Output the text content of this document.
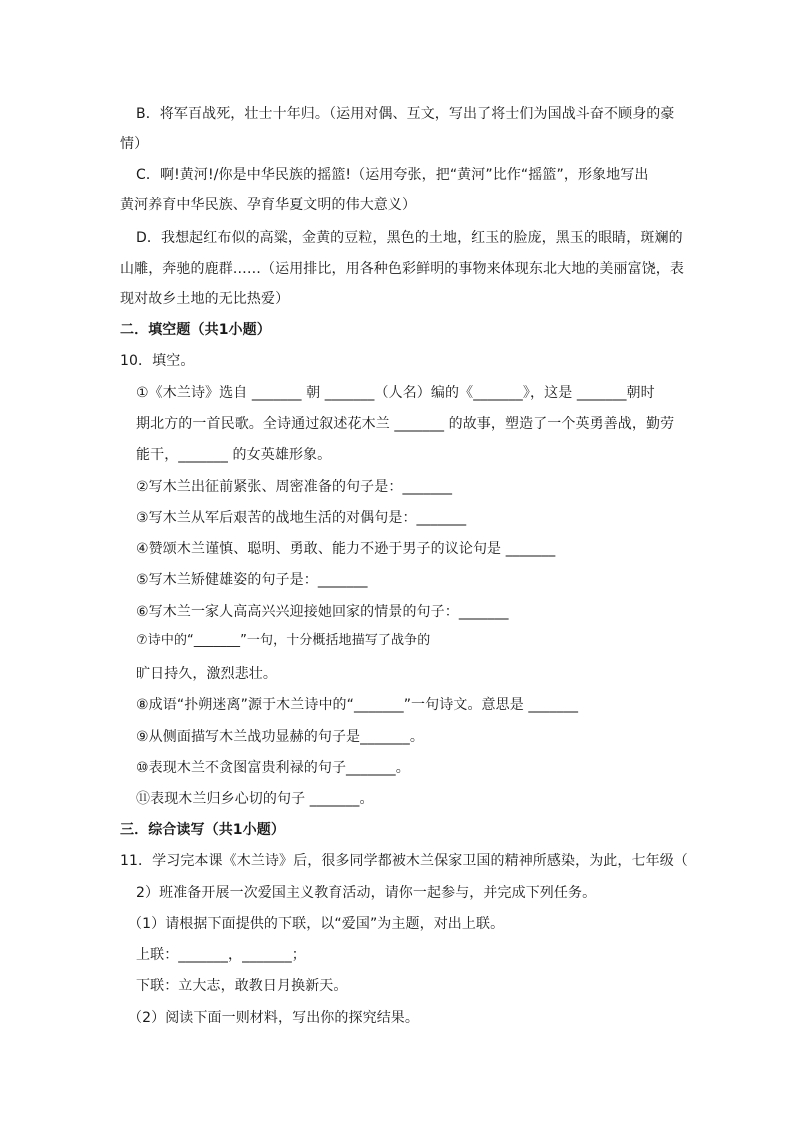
B．将军百战死，壮士十年归。（运用对偶、互文，写出了将士们为国战斗奋不顾身的豪
情）
C．啊!黄河!/你是中华民族的摇篮!（运用夸张，把“黄河”比作“摇篮”，形象地写出
黄河养育中华民族、孕育华夏文明的伟大意义）
D．我想起红布似的高粱，金黄的豆粒，黑色的土地，红玉的脸庞，黑玉的眼睛，斑斓的
山雕，奔驰的鹿群……（运用排比，用各种色彩鲜明的事物来体现东北大地的美丽富饶，表
现对故乡土地的无比热爱）
二．填空题（共1小题）
10．填空。
①《木兰诗》选自 _______ 朝 _______（人名）编的《_______》，这是 _______朝时
期北方的一首民歌。全诗通过叙述花木兰 _______ 的故事，塑造了一个英勇善战，勤劳
能干，_______ 的女英雄形象。
②写木兰出征前紧张、周密准备的句子是：_______
③写木兰从军后艰苦的战地生活的对偶句是：_______
④赞颂木兰谨慎、聪明、勇敢、能力不逊于男子的议论句是 _______
⑤写木兰矫健雄姿的句子是：_______
⑥写木兰一家人高高兴兴迎接她回家的情景的句子：_______
⑦诗中的“_______”一句，十分概括地描写了战争的
旷日持久，激烈悲壮。
⑧成语“扑朔迷离”源于木兰诗中的“_______”一句诗文。意思是 _______
⑨从侧面描写木兰战功显赫的句子是_______。
⑩表现木兰不贪图富贵利禄的句子_______。
⑪表现木兰归乡心切的句子 _______。
三．综合读写（共1小题）
11．学习完本课《木兰诗》后，很多同学都被木兰保家卫国的精神所感染，为此，七年级（
2）班准备开展一次爱国主义教育活动，请你一起参与，并完成下列任务。
（1）请根据下面提供的下联，以“爱国”为主题，对出上联。
上联：_______，_______；
下联：立大志，敢教日月换新天。
（2）阅读下面一则材料，写出你的探究结果。
